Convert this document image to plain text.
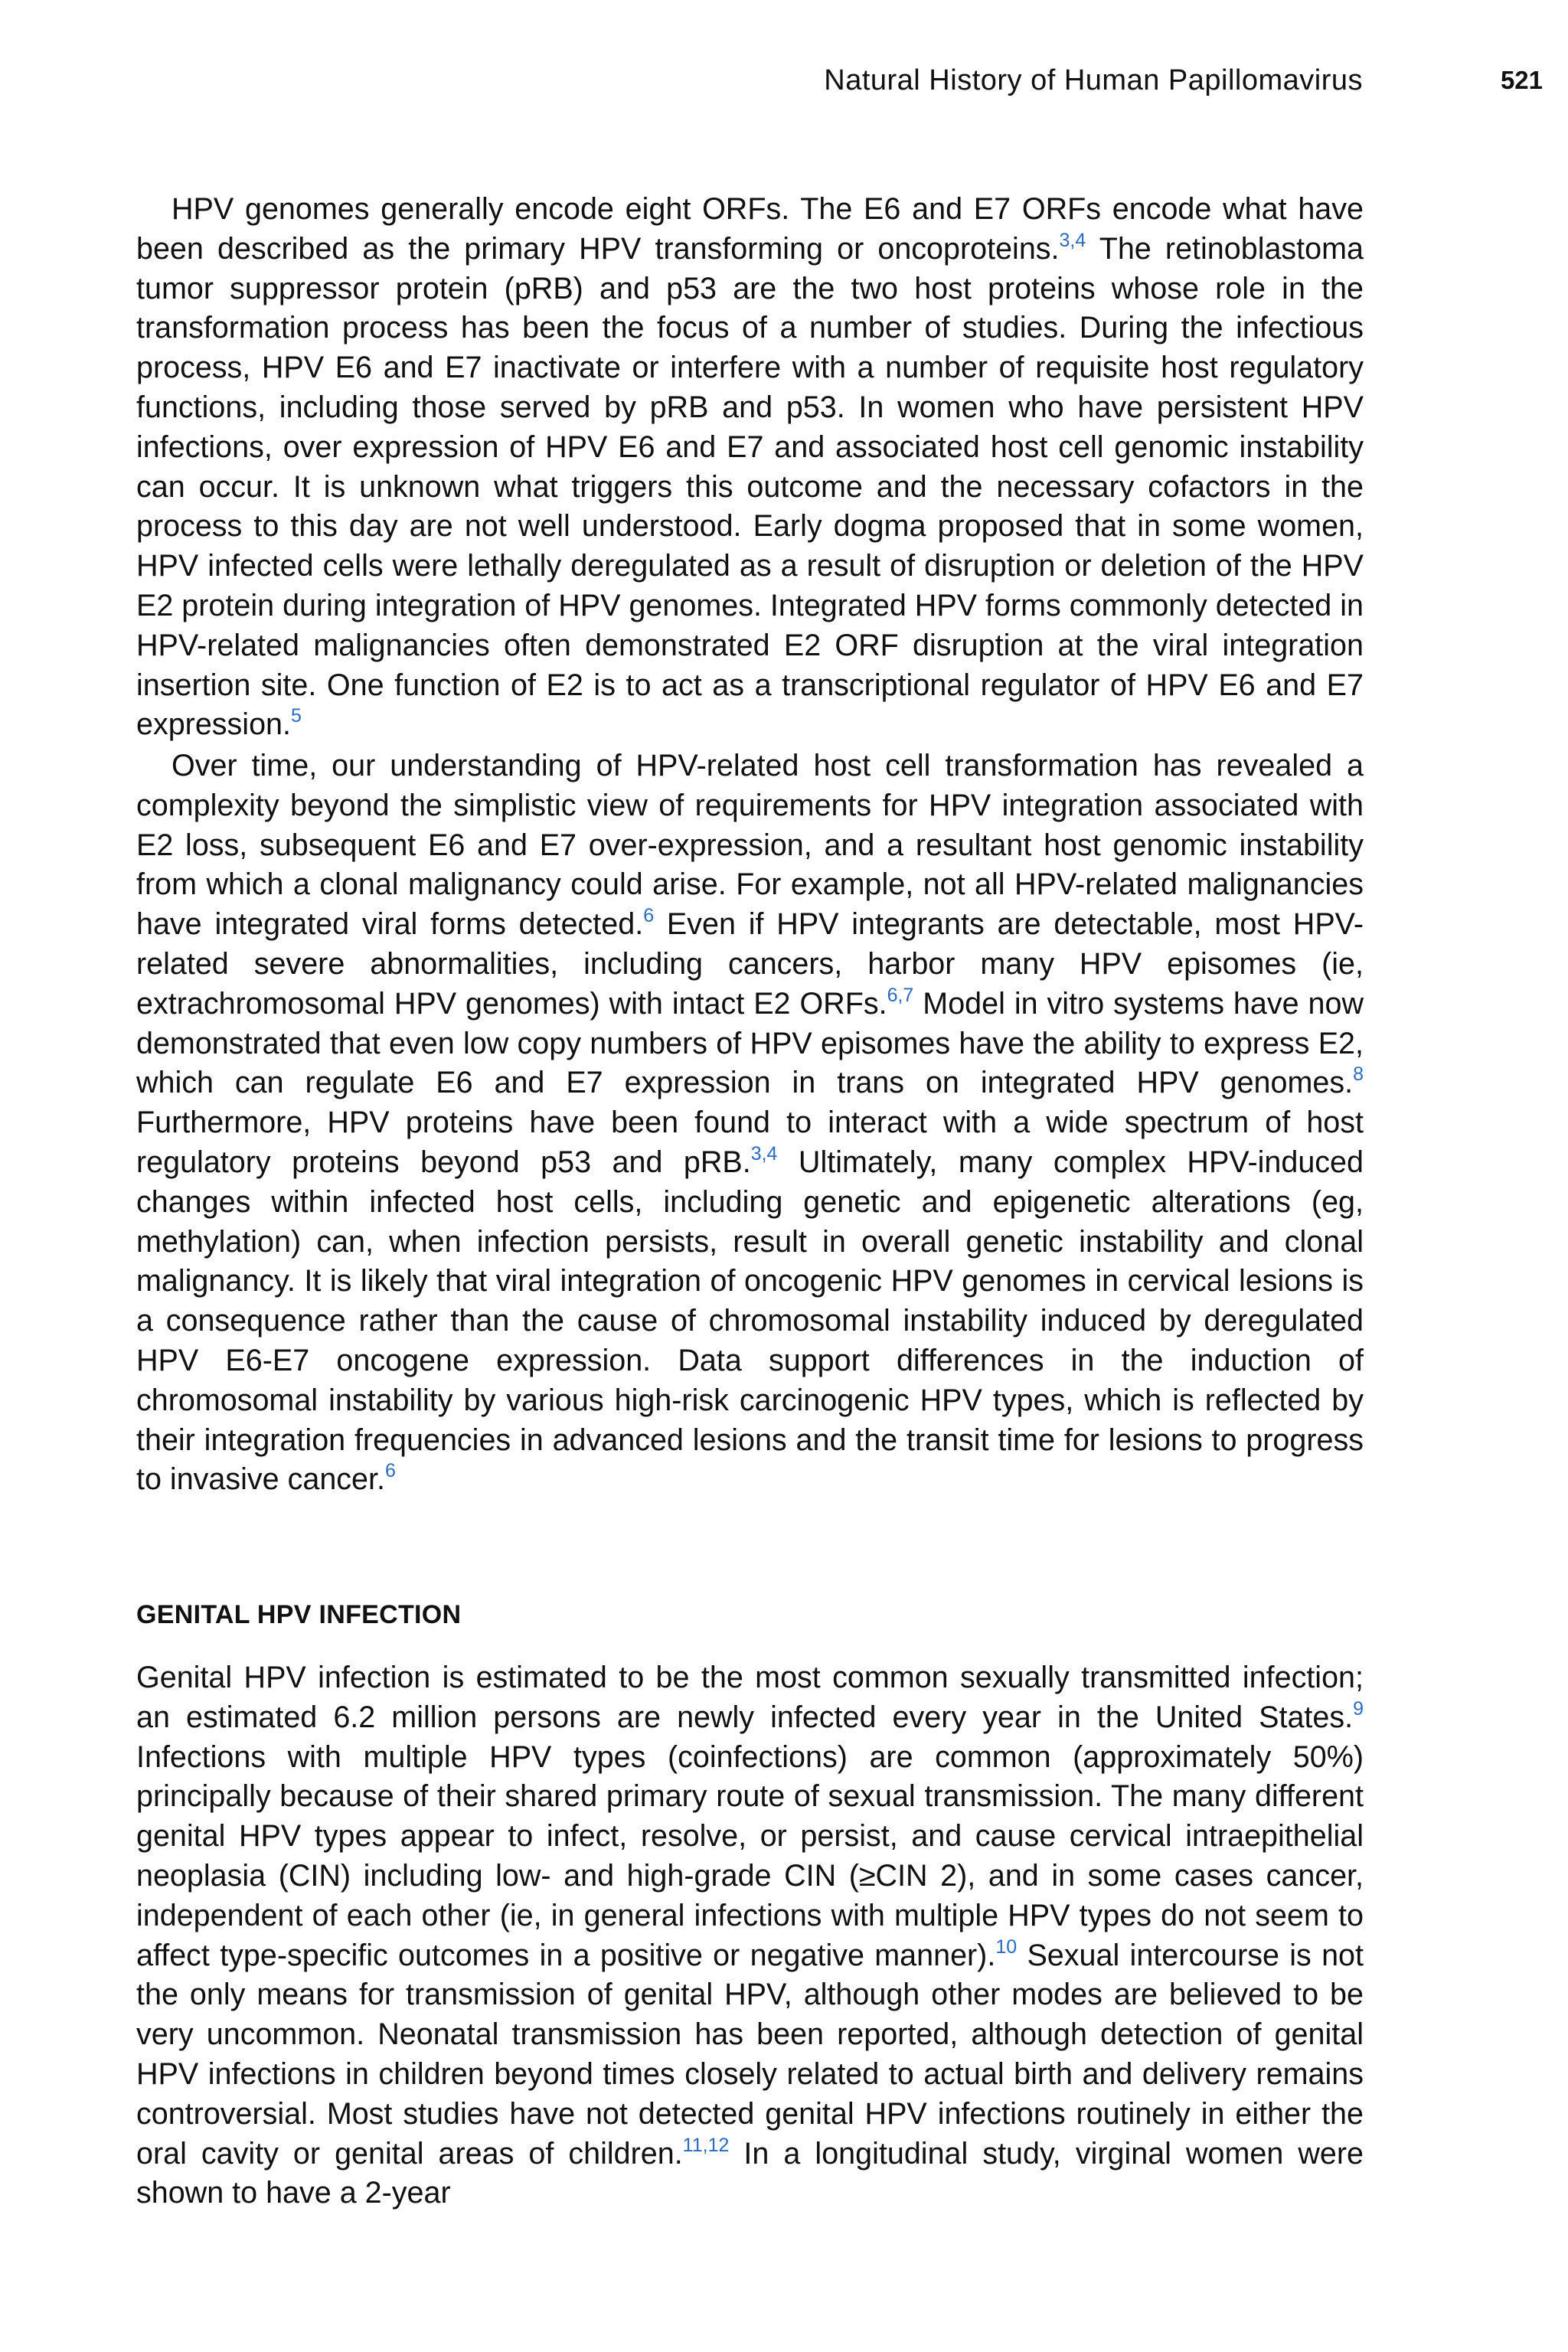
Natural History of Human Papillomavirus	521

HPV genomes generally encode eight ORFs. The E6 and E7 ORFs encode what have been described as the primary HPV transforming or oncoproteins.$^{3,4}$ The retinoblastoma tumor suppressor protein (pRB) and p53 are the two host proteins whose role in the transformation process has been the focus of a number of studies. During the infectious process, HPV E6 and E7 inactivate or interfere with a number of requisite host regulatory functions, including those served by pRB and p53. In women who have persistent HPV infections, over expression of HPV E6 and E7 and associated host cell genomic instability can occur. It is unknown what triggers this outcome and the necessary cofactors in the process to this day are not well understood. Early dogma proposed that in some women, HPV infected cells were lethally deregulated as a result of disruption or deletion of the HPV E2 protein during integration of HPV genomes. Integrated HPV forms commonly detected in HPV-related malignancies often demonstrated E2 ORF disruption at the viral integration insertion site. One function of E2 is to act as a transcriptional regulator of HPV E6 and E7 expression.$^5$

Over time, our understanding of HPV-related host cell transformation has revealed a complexity beyond the simplistic view of requirements for HPV integration associated with E2 loss, subsequent E6 and E7 over-expression, and a resultant host genomic instability from which a clonal malignancy could arise. For example, not all HPV-related malignancies have integrated viral forms detected.$^6$ Even if HPV integrants are detectable, most HPV-related severe abnormalities, including cancers, harbor many HPV episomes (ie, extrachromosomal HPV genomes) with intact E2 ORFs.$^{6,7}$ Model in vitro systems have now demonstrated that even low copy numbers of HPV episomes have the ability to express E2, which can regulate E6 and E7 expression in trans on integrated HPV genomes.$^8$ Furthermore, HPV proteins have been found to interact with a wide spectrum of host regulatory proteins beyond p53 and pRB.$^{3,4}$ Ultimately, many complex HPV-induced changes within infected host cells, including genetic and epigenetic alterations (eg, methylation) can, when infection persists, result in overall genetic instability and clonal malignancy. It is likely that viral integration of oncogenic HPV genomes in cervical lesions is a consequence rather than the cause of chromosomal instability induced by deregulated HPV E6-E7 oncogene expression. Data support differences in the induction of chromosomal instability by various high-risk carcinogenic HPV types, which is reflected by their integration frequencies in advanced lesions and the transit time for lesions to progress to invasive cancer.$^6$

GENITAL HPV INFECTION

Genital HPV infection is estimated to be the most common sexually transmitted infection; an estimated 6.2 million persons are newly infected every year in the United States.$^9$ Infections with multiple HPV types (coinfections) are common (approximately 50%) principally because of their shared primary route of sexual transmission. The many different genital HPV types appear to infect, resolve, or persist, and cause cervical intraepithelial neoplasia (CIN) including low- and high-grade CIN (≥CIN 2), and in some cases cancer, independent of each other (ie, in general infections with multiple HPV types do not seem to affect type-specific outcomes in a positive or negative manner).$^{10}$ Sexual intercourse is not the only means for transmission of genital HPV, although other modes are believed to be very uncommon. Neonatal transmission has been reported, although detection of genital HPV infections in children beyond times closely related to actual birth and delivery remains controversial. Most studies have not detected genital HPV infections routinely in either the oral cavity or genital areas of children.$^{11,12}$ In a longitudinal study, virginal women were shown to have a 2-year
